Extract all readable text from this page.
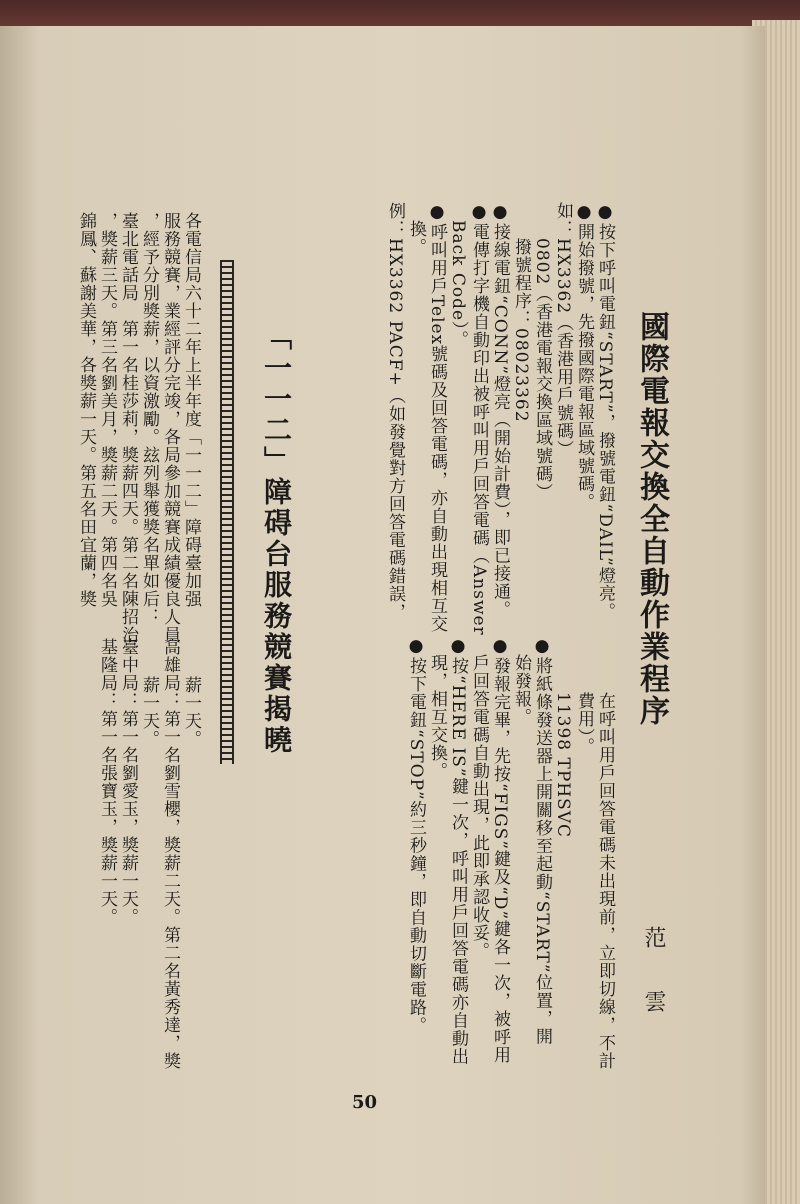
國際電報交換全自動作業程序
范　雲
●按下呼叫電鈕“START”，撥號電鈕“DAIL”燈亮。
●開始撥號，先撥國際電報區域號碼。
如：HX3362（香港用戶號碼）
　　0802（香港電報交換區域號碼）
　　撥號程序：08023362
●接線電鈕“CONN”燈亮（開始計費），即已接通。
●電傳打字機自動印出被呼叫用戶回答電碼（Answer
　Back Code）。
●呼叫用戶Telex號碼及回答電碼，亦自動出現相互交
　換。
例：HX3362 PACF+（如發覺對方回答電碼錯誤，
在呼叫用戶回答電碼未出現前，立即切線，不計
費用）。
11398 TPHSVC
●將紙條發送器上開關移至起動“START”位置，開
　始發報。
●發報完畢，先按“FIGS”鍵及“D”鍵各一次，被呼用
　戶回答電碼自動出現，此即承認收妥。
●按“HERE IS”鍵一次，呼叫用戶回答電碼亦自動出
　現，相互交換。
●按下電鈕“STOP”約三秒鐘，即自動切斷電路。
「一一二」障碍台服務競賽揭曉
各電信局六十二年上半年度「一一二」障碍臺加强
服務競賽，業經評分完竣，各局參加競賽成績優良人員
，經予分別獎薪，以資激勵。玆列舉獲獎名單如后：
臺北電話局　第一名桂莎莉，獎薪四天。第二名陳招治
，獎薪三天。第三名劉美月，獎薪二天。第四名吳
錦鳳、蘇謝美華，各獎薪一天。第五名田宜蘭，獎
薪一天。
高雄局：第一名劉雪櫻，獎薪二天。第二名黃秀達，獎
薪一天。
臺中局：第一名劉愛玉，獎薪一天。
基隆局：第一名張寶玉，獎薪一天。
50
